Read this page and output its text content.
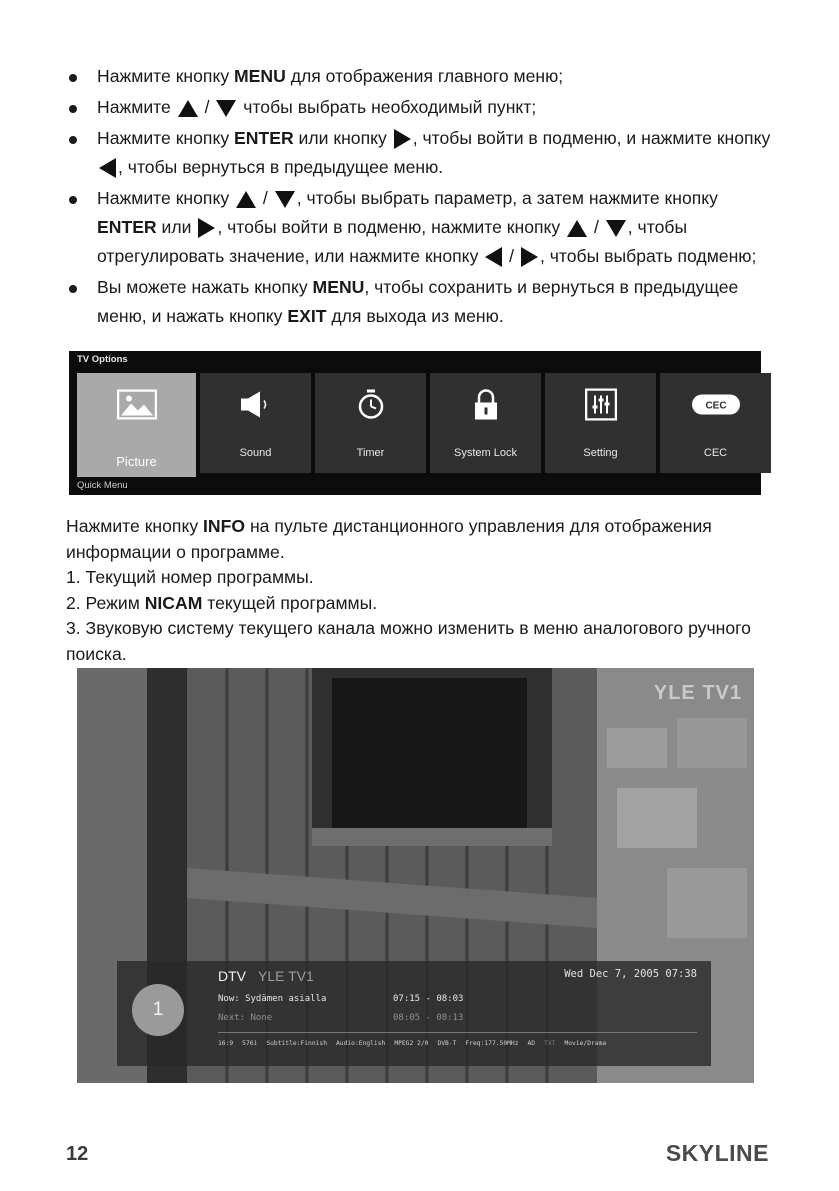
Нажмите кнопку MENU для отображения главного меню;
Нажмите  /  чтобы выбрать необходимый пункт;
Нажмите кнопку ENTER или кнопку , чтобы войти в подменю, и нажмите кнопку , чтобы вернуться в предыдущее меню.
Нажмите кнопку  / , чтобы выбрать параметр, а затем нажмите кнопку ENTER или , чтобы войти в подменю, нажмите кнопку  / , чтобы отрегулировать значение, или нажмите кнопку  / , чтобы выбрать подменю;
Вы можете нажать кнопку MENU, чтобы сохранить и вернуться в предыдущее меню, и нажать кнопку EXIT для выхода из меню.
TV Options
Picture
Sound	Timer	System Lock	Setting
CEC
CEC
Quick Menu

Нажмите кнопку INFO на пульте дистанционного управления для отображения информации о программе.

1. Текущий номер программы.

2. Режим NICAM текущей программы.

3. Звуковую систему текущего канала можно изменить в меню аналогового ручного поиска.

YLE TV1
1
DTV YLE TV1	Wed Dec 7, 2005 07:38
Now: Sydämen asialla	07:15 - 08:03
Next: None	08:05 - 08:13
16:9 576i Subtitle:Finnish Audio:English MPEG2 2/0 DVB-T Freq:177.50MHz AD TXT Movie/Drama
12	SKYLINE
